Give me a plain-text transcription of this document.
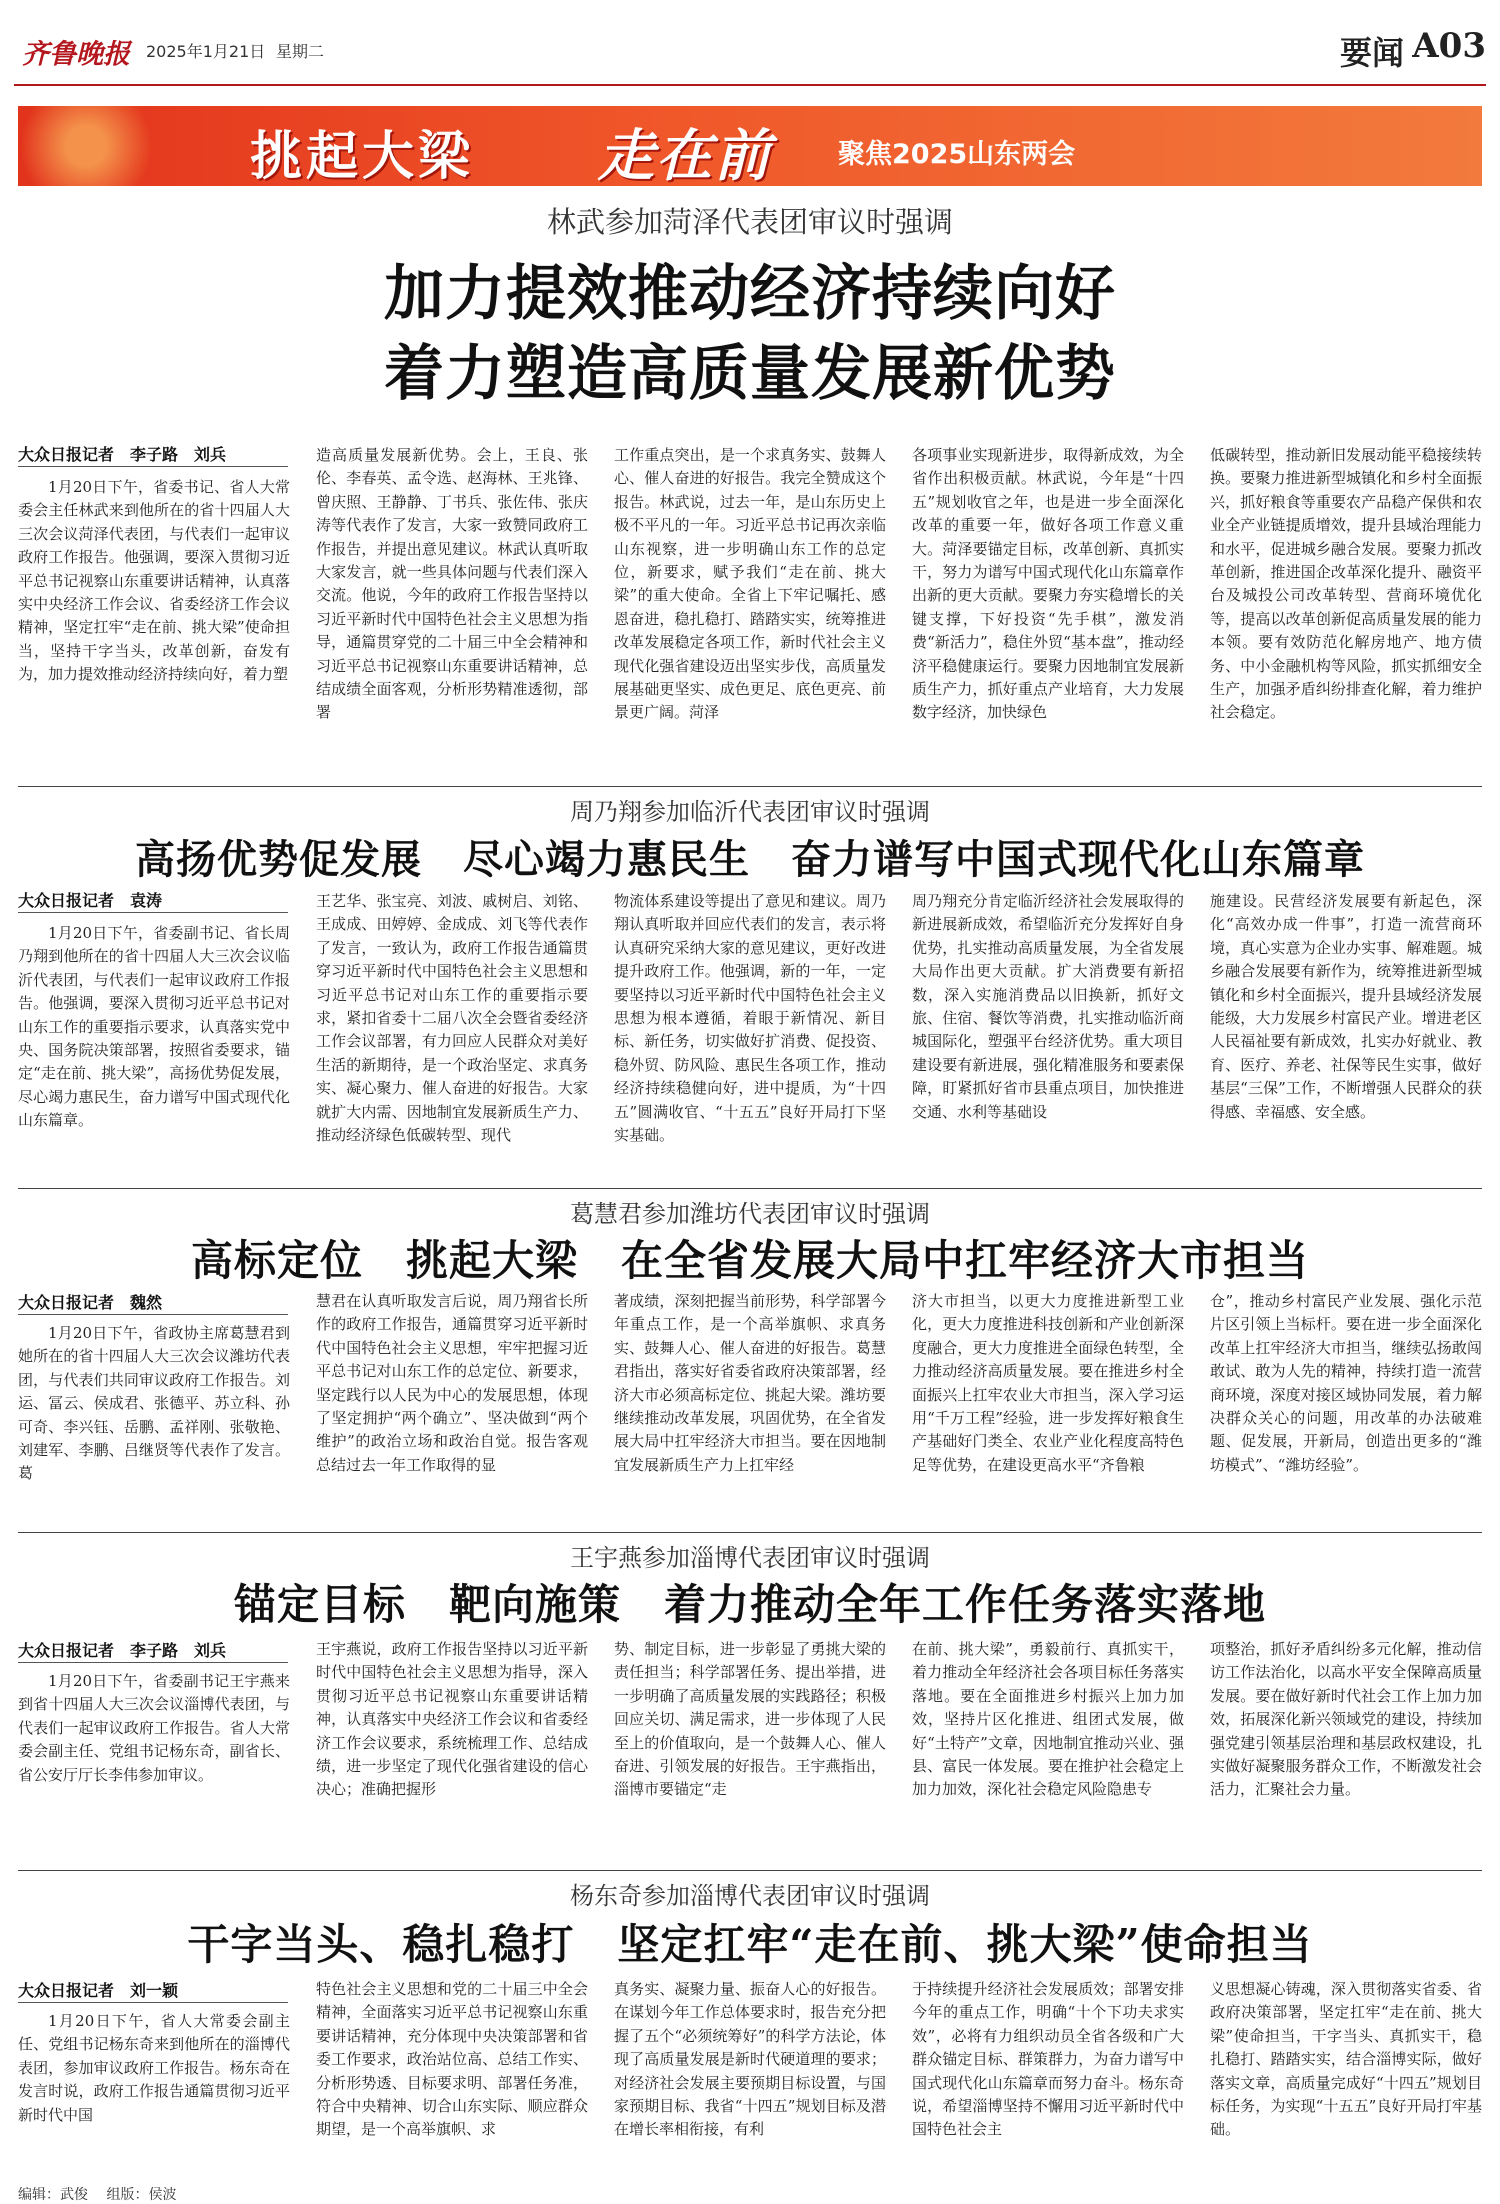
齐鲁晚报 2025年1月21日 星期二	要闻 A03
挑起大梁 走在前 聚焦2025山东两会
林武参加菏泽代表团审议时强调
加力提效推动经济持续向好
着力塑造高质量发展新优势
大众日报记者　李子路　刘兵

1月20日下午，省委书记、省人大常委会主任林武来到他所在的省十四届人大三次会议菏泽代表团，与代表们一起审议政府工作报告。他强调，要深入贯彻习近平总书记视察山东重要讲话精神，认真落实中央经济工作会议、省委经济工作会议精神，坚定扛牢“走在前、挑大梁”使命担当，坚持干字当头，改革创新，奋发有为，加力提效推动经济持续向好，着力塑

造高质量发展新优势。会上，王良、张伦、李春英、孟令选、赵海林、王兆锋、曾庆照、王静静、丁书兵、张佐伟、张庆涛等代表作了发言，大家一致赞同政府工作报告，并提出意见建议。林武认真听取大家发言，就一些具体问题与代表们深入交流。他说，今年的政府工作报告坚持以习近平新时代中国特色社会主义思想为指导，通篇贯穿党的二十届三中全会精神和习近平总书记视察山东重要讲话精神，总结成绩全面客观，分析形势精准透彻，部署

工作重点突出，是一个求真务实、鼓舞人心、催人奋进的好报告。我完全赞成这个报告。林武说，过去一年，是山东历史上极不平凡的一年。习近平总书记再次亲临山东视察，进一步明确山东工作的总定位，新要求，赋予我们“走在前、挑大梁”的重大使命。全省上下牢记嘱托、感恩奋进，稳扎稳打、踏踏实实，统筹推进改革发展稳定各项工作，新时代社会主义现代化强省建设迈出坚实步伐，高质量发展基础更坚实、成色更足、底色更亮、前景更广阔。菏泽

各项事业实现新进步，取得新成效，为全省作出积极贡献。林武说，今年是“十四五”规划收官之年，也是进一步全面深化改革的重要一年，做好各项工作意义重大。菏泽要锚定目标，改革创新、真抓实干，努力为谱写中国式现代化山东篇章作出新的更大贡献。要聚力夯实稳增长的关键支撑，下好投资“先手棋”，激发消费“新活力”，稳住外贸“基本盘”，推动经济平稳健康运行。要聚力因地制宜发展新质生产力，抓好重点产业培育，大力发展数字经济，加快绿色

低碳转型，推动新旧发展动能平稳接续转换。要聚力推进新型城镇化和乡村全面振兴，抓好粮食等重要农产品稳产保供和农业全产业链提质增效，提升县域治理能力和水平，促进城乡融合发展。要聚力抓改革创新，推进国企改革深化提升、融资平台及城投公司改革转型、营商环境优化等，提高以改革创新促高质量发展的能力本领。要有效防范化解房地产、地方债务、中小金融机构等风险，抓实抓细安全生产，加强矛盾纠纷排查化解，着力维护社会稳定。

周乃翔参加临沂代表团审议时强调
高扬优势促发展　尽心竭力惠民生　奋力谱写中国式现代化山东篇章
大众日报记者　袁涛

1月20日下午，省委副书记、省长周乃翔到他所在的省十四届人大三次会议临沂代表团，与代表们一起审议政府工作报告。他强调，要深入贯彻习近平总书记对山东工作的重要指示要求，认真落实党中央、国务院决策部署，按照省委要求，锚定“走在前、挑大梁”，高扬优势促发展，尽心竭力惠民生，奋力谱写中国式现代化山东篇章。

王艺华、张宝亮、刘波、戚树启、刘铭、王成成、田婷婷、金成成、刘飞等代表作了发言，一致认为，政府工作报告通篇贯穿习近平新时代中国特色社会主义思想和习近平总书记对山东工作的重要指示要求，紧扣省委十二届八次全会暨省委经济工作会议部署，有力回应人民群众对美好生活的新期待，是一个政治坚定、求真务实、凝心聚力、催人奋进的好报告。大家就扩大内需、因地制宜发展新质生产力、推动经济绿色低碳转型、现代

物流体系建设等提出了意见和建议。周乃翔认真听取并回应代表们的发言，表示将认真研究采纳大家的意见建议，更好改进提升政府工作。他强调，新的一年，一定要坚持以习近平新时代中国特色社会主义思想为根本遵循，着眼于新情况、新目标、新任务，切实做好扩消费、促投资、稳外贸、防风险、惠民生各项工作，推动经济持续稳健向好，进中提质，为“十四五”圆满收官、“十五五”良好开局打下坚实基础。

周乃翔充分肯定临沂经济社会发展取得的新进展新成效，希望临沂充分发挥好自身优势，扎实推动高质量发展，为全省发展大局作出更大贡献。扩大消费要有新招数，深入实施消费品以旧换新，抓好文旅、住宿、餐饮等消费，扎实推动临沂商城国际化，塑强平台经济优势。重大项目建设要有新进展，强化精准服务和要素保障，盯紧抓好省市县重点项目，加快推进交通、水利等基础设

施建设。民营经济发展要有新起色，深化“高效办成一件事”，打造一流营商环境，真心实意为企业办实事、解难题。城乡融合发展要有新作为，统筹推进新型城镇化和乡村全面振兴，提升县域经济发展能级，大力发展乡村富民产业。增进老区人民福祉要有新成效，扎实办好就业、教育、医疗、养老、社保等民生实事，做好基层“三保”工作，不断增强人民群众的获得感、幸福感、安全感。

葛慧君参加潍坊代表团审议时强调
高标定位　挑起大梁　在全省发展大局中扛牢经济大市担当
大众日报记者　魏然

1月20日下午，省政协主席葛慧君到她所在的省十四届人大三次会议潍坊代表团，与代表们共同审议政府工作报告。刘运、冨云、侯成君、张德平、苏立科、孙可奇、李兴钰、岳鹏、孟祥刚、张敬艳、刘建军、李鹏、吕继贤等代表作了发言。葛

慧君在认真听取发言后说，周乃翔省长所作的政府工作报告，通篇贯穿习近平新时代中国特色社会主义思想，牢牢把握习近平总书记对山东工作的总定位、新要求，坚定践行以人民为中心的发展思想，体现了坚定拥护“两个确立”、坚决做到“两个维护”的政治立场和政治自觉。报告客观总结过去一年工作取得的显

著成绩，深刻把握当前形势，科学部署今年重点工作，是一个高举旗帜、求真务实、鼓舞人心、催人奋进的好报告。葛慧君指出，落实好省委省政府决策部署，经济大市必须高标定位、挑起大梁。潍坊要继续推动改革发展，巩固优势，在全省发展大局中扛牢经济大市担当。要在因地制宜发展新质生产力上扛牢经

济大市担当，以更大力度推进新型工业化，更大力度推进科技创新和产业创新深度融合，更大力度推进全面绿色转型，全力推动经济高质量发展。要在推进乡村全面振兴上扛牢农业大市担当，深入学习运用“千万工程”经验，进一步发挥好粮食生产基础好门类全、农业产业化程度高特色足等优势，在建设更高水平“齐鲁粮

仓”，推动乡村富民产业发展、强化示范片区引领上当标杆。要在进一步全面深化改革上扛牢经济大市担当，继续弘扬敢闯敢试、敢为人先的精神，持续打造一流营商环境，深度对接区域协同发展，着力解决群众关心的问题，用改革的办法破难题、促发展，开新局，创造出更多的“潍坊模式”、“潍坊经验”。

王宇燕参加淄博代表团审议时强调
锚定目标　靶向施策　着力推动全年工作任务落实落地
大众日报记者　李子路　刘兵

1月20日下午，省委副书记王宇燕来到省十四届人大三次会议淄博代表团，与代表们一起审议政府工作报告。省人大常委会副主任、党组书记杨东奇，副省长、省公安厅厅长李伟参加审议。

王宇燕说，政府工作报告坚持以习近平新时代中国特色社会主义思想为指导，深入贯彻习近平总书记视察山东重要讲话精神，认真落实中央经济工作会议和省委经济工作会议要求，系统梳理工作、总结成绩，进一步坚定了现代化强省建设的信心决心；准确把握形

势、制定目标，进一步彰显了勇挑大梁的责任担当；科学部署任务、提出举措，进一步明确了高质量发展的实践路径；积极回应关切、满足需求，进一步体现了人民至上的价值取向，是一个鼓舞人心、催人奋进、引领发展的好报告。王宇燕指出，淄博市要锚定“走

在前、挑大梁”，勇毅前行、真抓实干，着力推动全年经济社会各项目标任务落实落地。要在全面推进乡村振兴上加力加效，坚持片区化推进、组团式发展，做好“土特产”文章，因地制宜推动兴业、强县、富民一体发展。要在推护社会稳定上加力加效，深化社会稳定风险隐患专

项整治，抓好矛盾纠纷多元化解，推动信访工作法治化，以高水平安全保障高质量发展。要在做好新时代社会工作上加力加效，拓展深化新兴领域党的建设，持续加强党建引领基层治理和基层政权建设，扎实做好凝聚服务群众工作，不断激发社会活力，汇聚社会力量。

杨东奇参加淄博代表团审议时强调
干字当头、稳扎稳打　坚定扛牢“走在前、挑大梁”使命担当
大众日报记者　刘一颖

1月20日下午，省人大常委会副主任、党组书记杨东奇来到他所在的淄博代表团，参加审议政府工作报告。杨东奇在发言时说，政府工作报告通篇贯彻习近平新时代中国

特色社会主义思想和党的二十届三中全会精神，全面落实习近平总书记视察山东重要讲话精神，充分体现中央决策部署和省委工作要求，政治站位高、总结工作实、分析形势透、目标要求明、部署任务准，符合中央精神、切合山东实际、顺应群众期望，是一个高举旗帜、求

真务实、凝聚力量、振奋人心的好报告。在谋划今年工作总体要求时，报告充分把握了五个“必须统筹好”的科学方法论，体现了高质量发展是新时代硬道理的要求；对经济社会发展主要预期目标设置，与国家预期目标、我省“十四五”规划目标及潜在增长率相衔接，有利

于持续提升经济社会发展质效；部署安排今年的重点工作，明确“十个下功夫求实效”，必将有力组织动员全省各级和广大群众锚定目标、群策群力，为奋力谱写中国式现代化山东篇章而努力奋斗。杨东奇说，希望淄博坚持不懈用习近平新时代中国特色社会主

义思想凝心铸魂，深入贯彻落实省委、省政府决策部署，坚定扛牢“走在前、挑大梁”使命担当，干字当头、真抓实干，稳扎稳打、踏踏实实，结合淄博实际，做好落实文章，高质量完成好“十四五”规划目标任务，为实现“十五五”良好开局打牢基础。

编辑：武俊 组版：侯波
